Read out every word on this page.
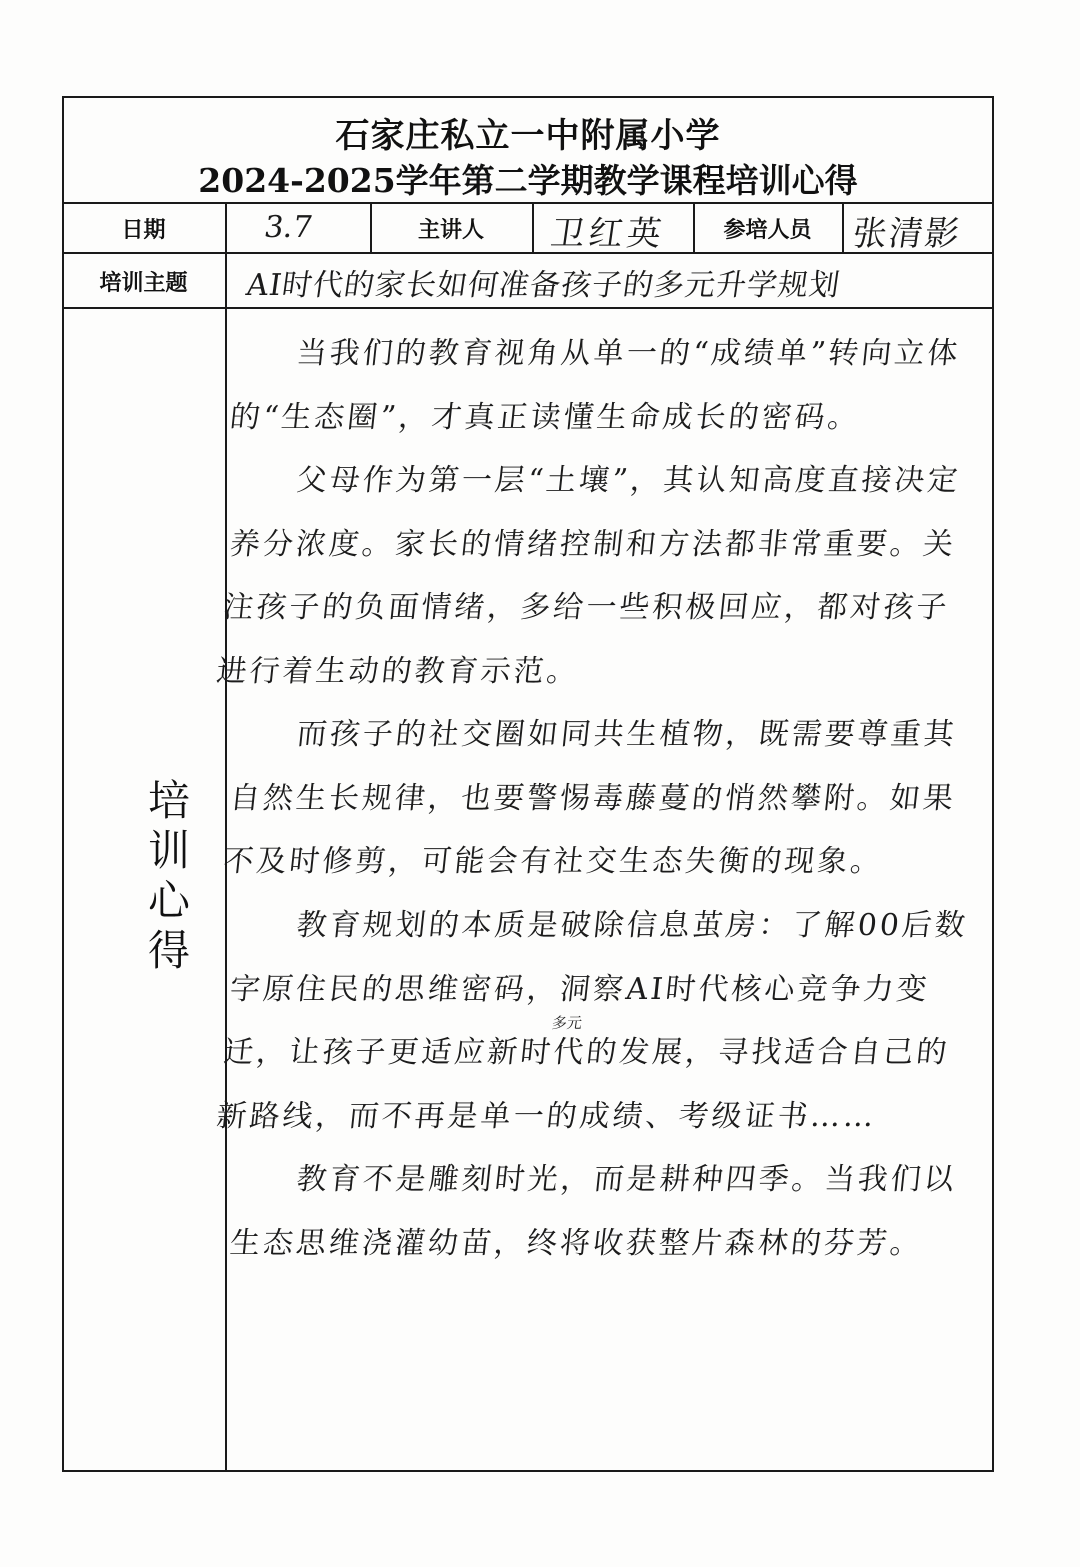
石家庄私立一中附属小学
2024-2025学年第二学期教学课程培训心得
日期	3.7	主讲人	卫红英	参培人员	张清影
培训主题	AI时代的家长如何准备孩子的多元升学规划
培训心得
多元

当我们的教育视角从单一的“成绩单”转向立体的“生态圈”，才真正读懂生命成长的密码。

父母作为第一层“土壤”，其认知高度直接决定养分浓度。家长的情绪控制和方法都非常重要。关注孩子的负面情绪，多给一些积极回应，都对孩子进行着生动的教育示范。

而孩子的社交圈如同共生植物，既需要尊重其自然生长规律，也要警惕毒藤蔓的悄然攀附。如果不及时修剪，可能会有社交生态失衡的现象。

教育规划的本质是破除信息茧房：了解00后数字原住民的思维密码，洞察AI时代核心竞争力变迁，让孩子更适应新时代的发展，寻找适合自己的新路线，而不再是单一的成绩、考级证书……

教育不是雕刻时光，而是耕种四季。当我们以生态思维浇灌幼苗，终将收获整片森林的芬芳。
